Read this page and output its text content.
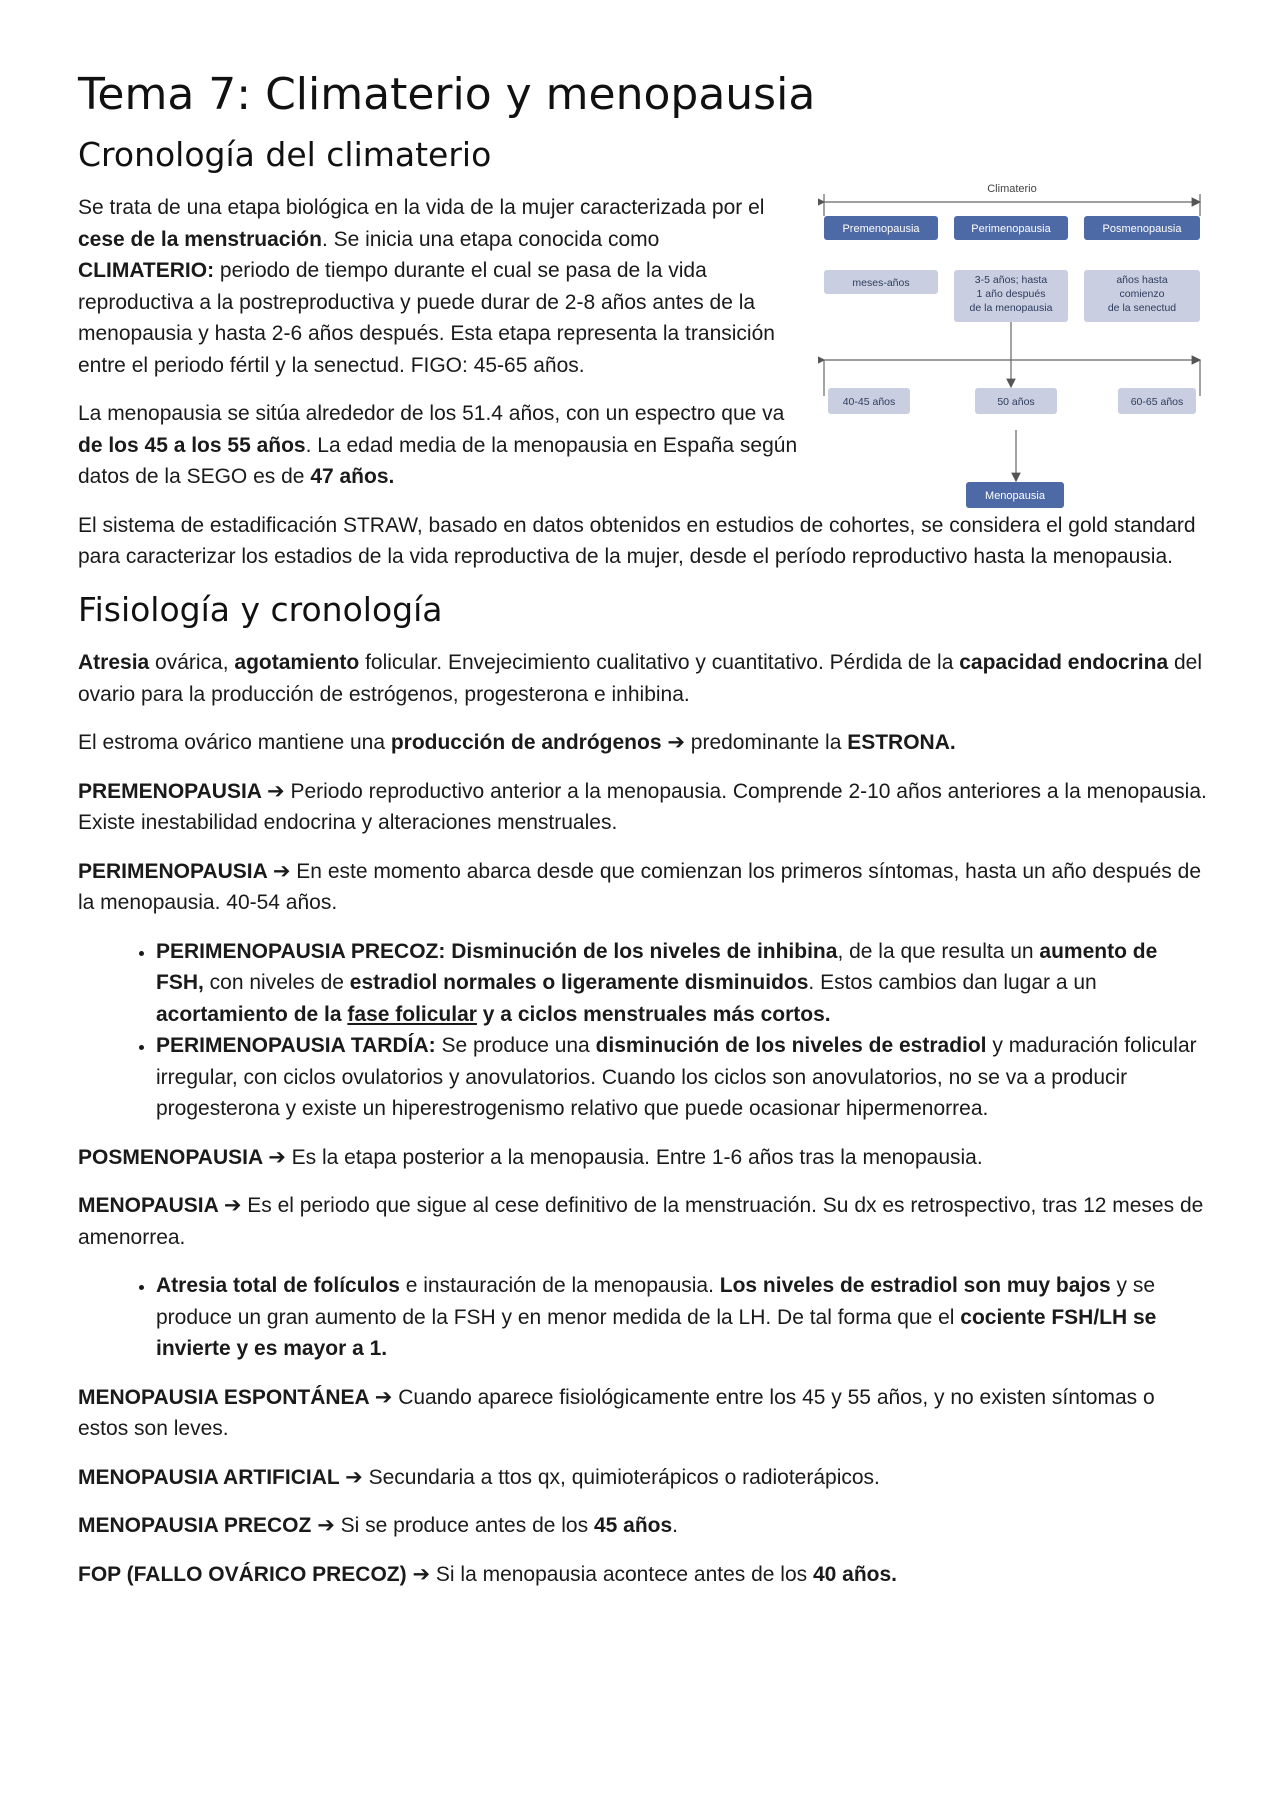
Tema 7: Climaterio y menopausia
Cronología del climaterio

Se trata de una etapa biológica en la vida de la mujer caracterizada por el cese de la menstruación. Se inicia una etapa conocida como CLIMATERIO: periodo de tiempo durante el cual se pasa de la vida reproductiva a la postreproductiva y puede durar de 2-8 años antes de la menopausia y hasta 2-6 años después. Esta etapa representa la transición entre el periodo fértil y la senectud. FIGO: 45-65 años.

La menopausia se sitúa alrededor de los 51.4 años, con un espectro que va de los 45 a los 55 años. La edad media de la menopausia en España según datos de la SEGO es de 47 años.

El sistema de estadificación STRAW, basado en datos obtenidos en estudios de cohortes, se considera el gold standard para caracterizar los estadios de la vida reproductiva de la mujer, desde el período reproductivo hasta la menopausia.

Fisiología y cronología

Atresia ovárica, agotamiento folicular. Envejecimiento cualitativo y cuantitativo. Pérdida de la capacidad endocrina del ovario para la producción de estrógenos, progesterona e inhibina.

El estroma ovárico mantiene una producción de andrógenos ➔ predominante la ESTRONA.

PREMENOPAUSIA ➔ Periodo reproductivo anterior a la menopausia. Comprende 2-10 años anteriores a la menopausia. Existe inestabilidad endocrina y alteraciones menstruales.

PERIMENOPAUSIA ➔ En este momento abarca desde que comienzan los primeros síntomas, hasta un año después de la menopausia. 40-54 años.

• PERIMENOPAUSIA PRECOZ: Disminución de los niveles de inhibina, de la que resulta un aumento de FSH, con niveles de estradiol normales o ligeramente disminuidos. Estos cambios dan lugar a un acortamiento de la fase folicular y a ciclos menstruales más cortos.
• PERIMENOPAUSIA TARDÍA: Se produce una disminución de los niveles de estradiol y maduración folicular irregular, con ciclos ovulatorios y anovulatorios. Cuando los ciclos son anovulatorios, no se va a producir progesterona y existe un hiperestrogenismo relativo que puede ocasionar hipermenorrea.

POSMENOPAUSIA ➔ Es la etapa posterior a la menopausia. Entre 1-6 años tras la menopausia.

MENOPAUSIA ➔ Es el periodo que sigue al cese definitivo de la menstruación. Su dx es retrospectivo, tras 12 meses de amenorrea.

• Atresia total de folículos e instauración de la menopausia. Los niveles de estradiol son muy bajos y se produce un gran aumento de la FSH y en menor medida de la LH. De tal forma que el cociente FSH/LH se invierte y es mayor a 1.

MENOPAUSIA ESPONTÁNEA ➔ Cuando aparece fisiológicamente entre los 45 y 55 años, y no existen síntomas o estos son leves.

MENOPAUSIA ARTIFICIAL ➔ Secundaria a ttos qx, quimioterápicos o radioterápicos.

MENOPAUSIA PRECOZ ➔ Si se produce antes de los 45 años.

FOP (FALLO OVÁRICO PRECOZ) ➔ Si la menopausia acontece antes de los 40 años.

Climaterio
Premenopausia	Perimenopausia	Posmenopausia
meses-años	3-5 años; hasta
1 año después
de la menopausia
años hasta
comienzo
de la senectud
40-45 años	50 años	60-65 años
Menopausia
